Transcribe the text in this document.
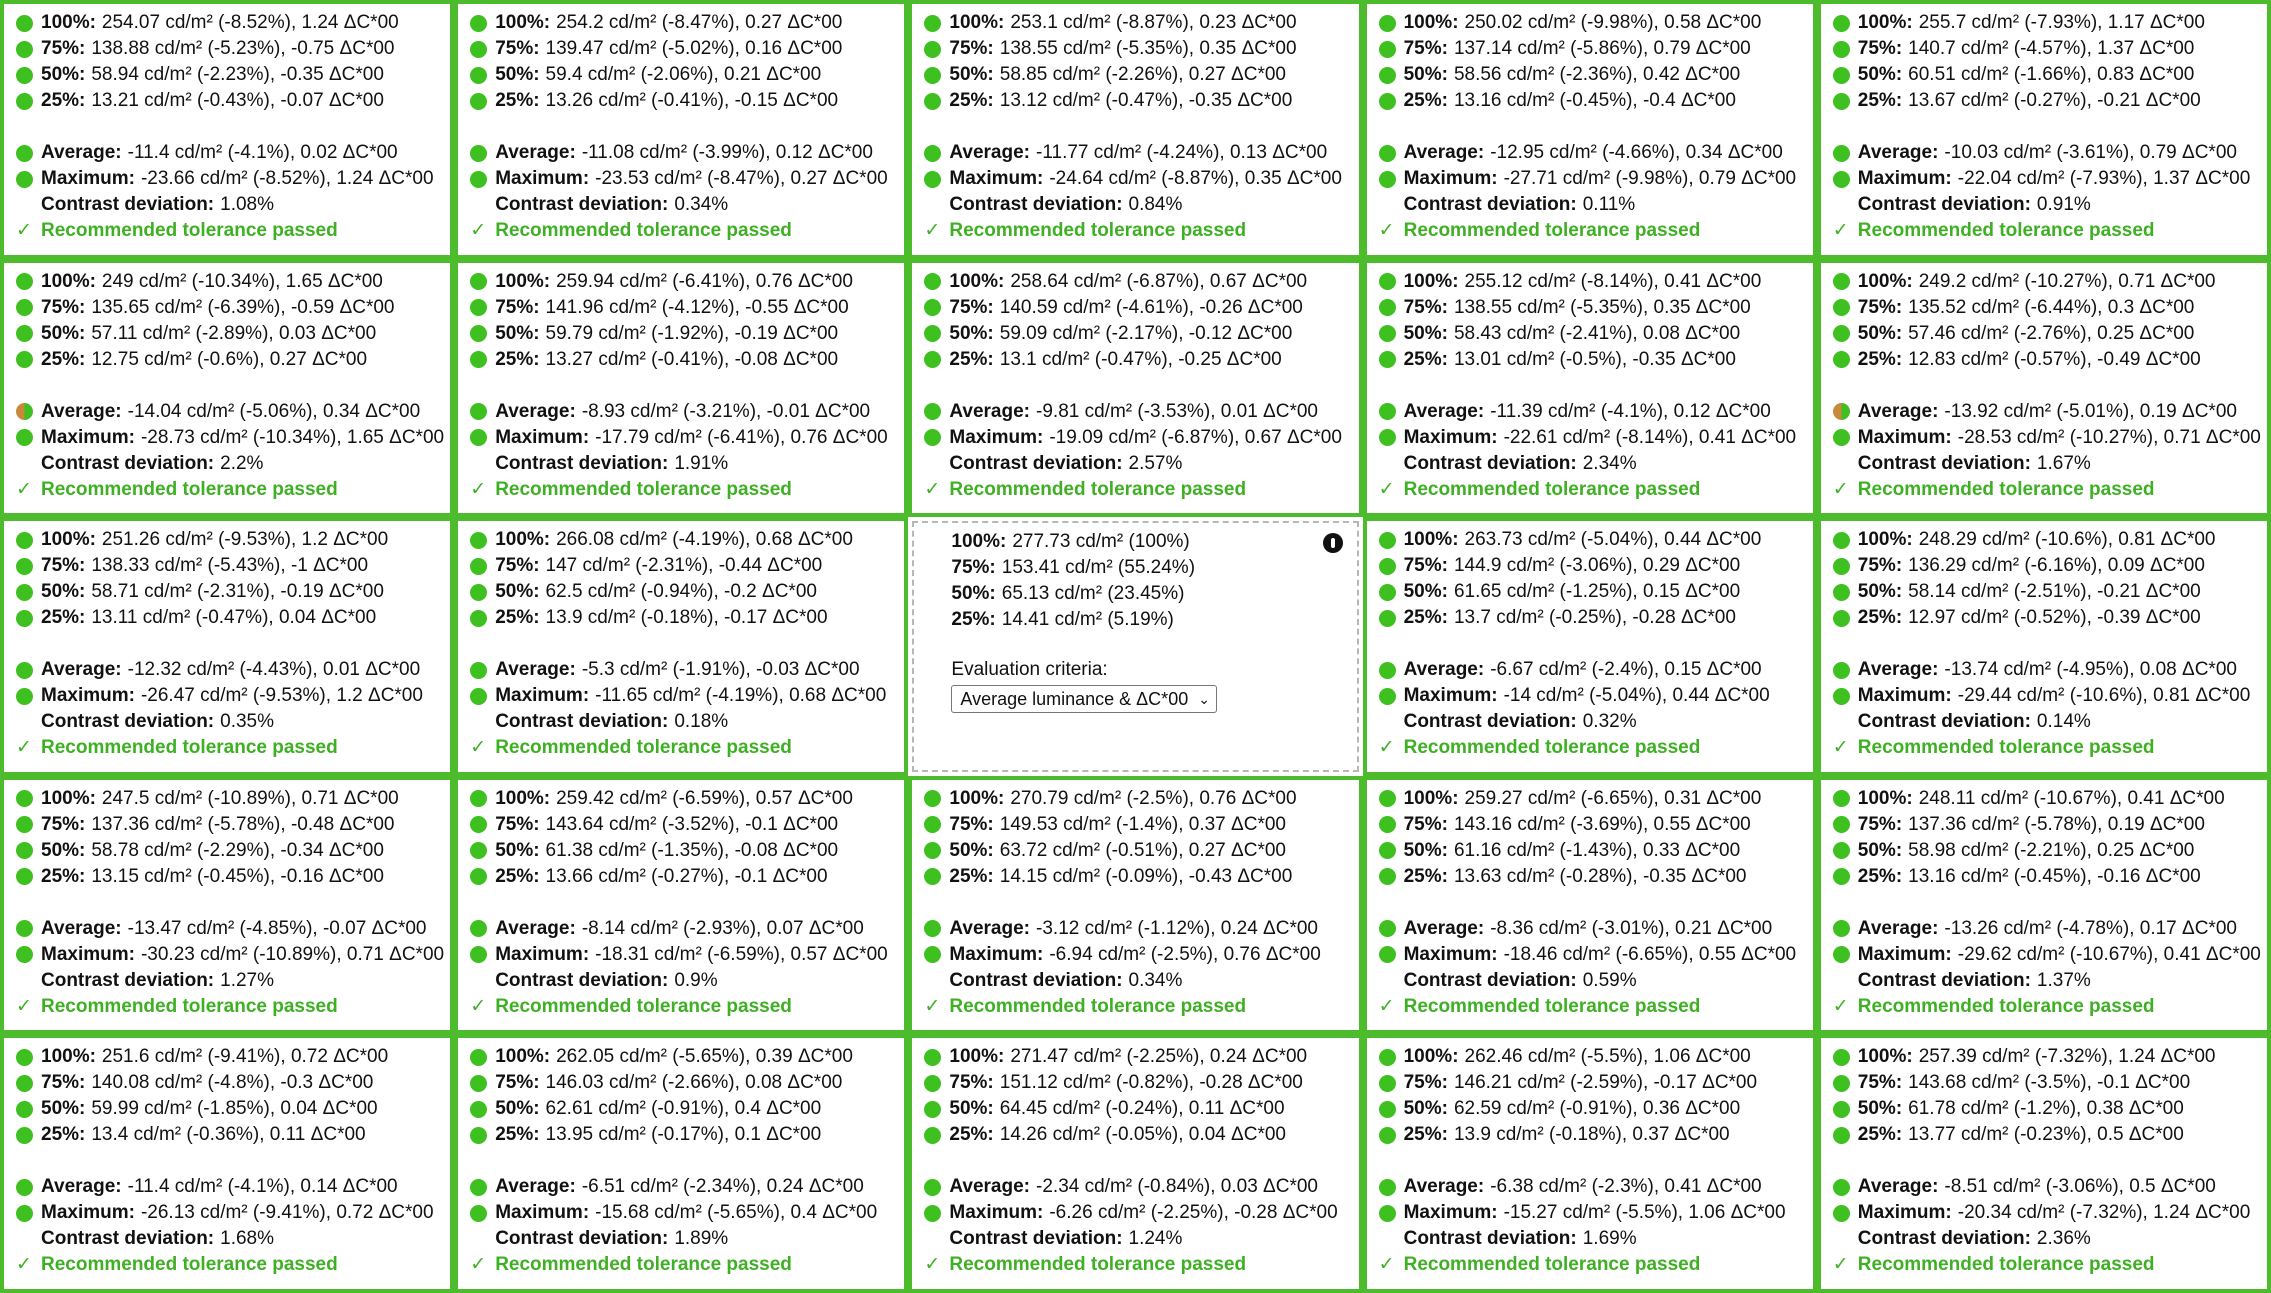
100%: 254.07 cd/m² (-8.52%), 1.24 ΔC*00
75%: 138.88 cd/m² (-5.23%), -0.75 ΔC*00
50%: 58.94 cd/m² (-2.23%), -0.35 ΔC*00
25%: 13.21 cd/m² (-0.43%), -0.07 ΔC*00
Average: -11.4 cd/m² (-4.1%), 0.02 ΔC*00
Maximum: -23.66 cd/m² (-8.52%), 1.24 ΔC*00
Contrast deviation: 1.08%
✓ Recommended tolerance passed
100%: 254.2 cd/m² (-8.47%), 0.27 ΔC*00
75%: 139.47 cd/m² (-5.02%), 0.16 ΔC*00
50%: 59.4 cd/m² (-2.06%), 0.21 ΔC*00
25%: 13.26 cd/m² (-0.41%), -0.15 ΔC*00
Average: -11.08 cd/m² (-3.99%), 0.12 ΔC*00
Maximum: -23.53 cd/m² (-8.47%), 0.27 ΔC*00
Contrast deviation: 0.34%
✓ Recommended tolerance passed
100%: 253.1 cd/m² (-8.87%), 0.23 ΔC*00
75%: 138.55 cd/m² (-5.35%), 0.35 ΔC*00
50%: 58.85 cd/m² (-2.26%), 0.27 ΔC*00
25%: 13.12 cd/m² (-0.47%), -0.35 ΔC*00
Average: -11.77 cd/m² (-4.24%), 0.13 ΔC*00
Maximum: -24.64 cd/m² (-8.87%), 0.35 ΔC*00
Contrast deviation: 0.84%
✓ Recommended tolerance passed
100%: 250.02 cd/m² (-9.98%), 0.58 ΔC*00
75%: 137.14 cd/m² (-5.86%), 0.79 ΔC*00
50%: 58.56 cd/m² (-2.36%), 0.42 ΔC*00
25%: 13.16 cd/m² (-0.45%), -0.4 ΔC*00
Average: -12.95 cd/m² (-4.66%), 0.34 ΔC*00
Maximum: -27.71 cd/m² (-9.98%), 0.79 ΔC*00
Contrast deviation: 0.11%
✓ Recommended tolerance passed
100%: 255.7 cd/m² (-7.93%), 1.17 ΔC*00
75%: 140.7 cd/m² (-4.57%), 1.37 ΔC*00
50%: 60.51 cd/m² (-1.66%), 0.83 ΔC*00
25%: 13.67 cd/m² (-0.27%), -0.21 ΔC*00
Average: -10.03 cd/m² (-3.61%), 0.79 ΔC*00
Maximum: -22.04 cd/m² (-7.93%), 1.37 ΔC*00
Contrast deviation: 0.91%
✓ Recommended tolerance passed
100%: 249 cd/m² (-10.34%), 1.65 ΔC*00
75%: 135.65 cd/m² (-6.39%), -0.59 ΔC*00
50%: 57.11 cd/m² (-2.89%), 0.03 ΔC*00
25%: 12.75 cd/m² (-0.6%), 0.27 ΔC*00
Average: -14.04 cd/m² (-5.06%), 0.34 ΔC*00
Maximum: -28.73 cd/m² (-10.34%), 1.65 ΔC*00
Contrast deviation: 2.2%
✓ Recommended tolerance passed
100%: 259.94 cd/m² (-6.41%), 0.76 ΔC*00
75%: 141.96 cd/m² (-4.12%), -0.55 ΔC*00
50%: 59.79 cd/m² (-1.92%), -0.19 ΔC*00
25%: 13.27 cd/m² (-0.41%), -0.08 ΔC*00
Average: -8.93 cd/m² (-3.21%), -0.01 ΔC*00
Maximum: -17.79 cd/m² (-6.41%), 0.76 ΔC*00
Contrast deviation: 1.91%
✓ Recommended tolerance passed
100%: 258.64 cd/m² (-6.87%), 0.67 ΔC*00
75%: 140.59 cd/m² (-4.61%), -0.26 ΔC*00
50%: 59.09 cd/m² (-2.17%), -0.12 ΔC*00
25%: 13.1 cd/m² (-0.47%), -0.25 ΔC*00
Average: -9.81 cd/m² (-3.53%), 0.01 ΔC*00
Maximum: -19.09 cd/m² (-6.87%), 0.67 ΔC*00
Contrast deviation: 2.57%
✓ Recommended tolerance passed
100%: 255.12 cd/m² (-8.14%), 0.41 ΔC*00
75%: 138.55 cd/m² (-5.35%), 0.35 ΔC*00
50%: 58.43 cd/m² (-2.41%), 0.08 ΔC*00
25%: 13.01 cd/m² (-0.5%), -0.35 ΔC*00
Average: -11.39 cd/m² (-4.1%), 0.12 ΔC*00
Maximum: -22.61 cd/m² (-8.14%), 0.41 ΔC*00
Contrast deviation: 2.34%
✓ Recommended tolerance passed
100%: 249.2 cd/m² (-10.27%), 0.71 ΔC*00
75%: 135.52 cd/m² (-6.44%), 0.3 ΔC*00
50%: 57.46 cd/m² (-2.76%), 0.25 ΔC*00
25%: 12.83 cd/m² (-0.57%), -0.49 ΔC*00
Average: -13.92 cd/m² (-5.01%), 0.19 ΔC*00
Maximum: -28.53 cd/m² (-10.27%), 0.71 ΔC*00
Contrast deviation: 1.67%
✓ Recommended tolerance passed
100%: 251.26 cd/m² (-9.53%), 1.2 ΔC*00
75%: 138.33 cd/m² (-5.43%), -1 ΔC*00
50%: 58.71 cd/m² (-2.31%), -0.19 ΔC*00
25%: 13.11 cd/m² (-0.47%), 0.04 ΔC*00
Average: -12.32 cd/m² (-4.43%), 0.01 ΔC*00
Maximum: -26.47 cd/m² (-9.53%), 1.2 ΔC*00
Contrast deviation: 0.35%
✓ Recommended tolerance passed
100%: 266.08 cd/m² (-4.19%), 0.68 ΔC*00
75%: 147 cd/m² (-2.31%), -0.44 ΔC*00
50%: 62.5 cd/m² (-0.94%), -0.2 ΔC*00
25%: 13.9 cd/m² (-0.18%), -0.17 ΔC*00
Average: -5.3 cd/m² (-1.91%), -0.03 ΔC*00
Maximum: -11.65 cd/m² (-4.19%), 0.68 ΔC*00
Contrast deviation: 0.18%
✓ Recommended tolerance passed
100%: 277.73 cd/m² (100%)
75%: 153.41 cd/m² (55.24%)
50%: 65.13 cd/m² (23.45%)
25%: 14.41 cd/m² (5.19%)
Evaluation criteria:
Average luminance & ΔC*00 ⌄
100%: 263.73 cd/m² (-5.04%), 0.44 ΔC*00
75%: 144.9 cd/m² (-3.06%), 0.29 ΔC*00
50%: 61.65 cd/m² (-1.25%), 0.15 ΔC*00
25%: 13.7 cd/m² (-0.25%), -0.28 ΔC*00
Average: -6.67 cd/m² (-2.4%), 0.15 ΔC*00
Maximum: -14 cd/m² (-5.04%), 0.44 ΔC*00
Contrast deviation: 0.32%
✓ Recommended tolerance passed
100%: 248.29 cd/m² (-10.6%), 0.81 ΔC*00
75%: 136.29 cd/m² (-6.16%), 0.09 ΔC*00
50%: 58.14 cd/m² (-2.51%), -0.21 ΔC*00
25%: 12.97 cd/m² (-0.52%), -0.39 ΔC*00
Average: -13.74 cd/m² (-4.95%), 0.08 ΔC*00
Maximum: -29.44 cd/m² (-10.6%), 0.81 ΔC*00
Contrast deviation: 0.14%
✓ Recommended tolerance passed
100%: 247.5 cd/m² (-10.89%), 0.71 ΔC*00
75%: 137.36 cd/m² (-5.78%), -0.48 ΔC*00
50%: 58.78 cd/m² (-2.29%), -0.34 ΔC*00
25%: 13.15 cd/m² (-0.45%), -0.16 ΔC*00
Average: -13.47 cd/m² (-4.85%), -0.07 ΔC*00
Maximum: -30.23 cd/m² (-10.89%), 0.71 ΔC*00
Contrast deviation: 1.27%
✓ Recommended tolerance passed
100%: 259.42 cd/m² (-6.59%), 0.57 ΔC*00
75%: 143.64 cd/m² (-3.52%), -0.1 ΔC*00
50%: 61.38 cd/m² (-1.35%), -0.08 ΔC*00
25%: 13.66 cd/m² (-0.27%), -0.1 ΔC*00
Average: -8.14 cd/m² (-2.93%), 0.07 ΔC*00
Maximum: -18.31 cd/m² (-6.59%), 0.57 ΔC*00
Contrast deviation: 0.9%
✓ Recommended tolerance passed
100%: 270.79 cd/m² (-2.5%), 0.76 ΔC*00
75%: 149.53 cd/m² (-1.4%), 0.37 ΔC*00
50%: 63.72 cd/m² (-0.51%), 0.27 ΔC*00
25%: 14.15 cd/m² (-0.09%), -0.43 ΔC*00
Average: -3.12 cd/m² (-1.12%), 0.24 ΔC*00
Maximum: -6.94 cd/m² (-2.5%), 0.76 ΔC*00
Contrast deviation: 0.34%
✓ Recommended tolerance passed
100%: 259.27 cd/m² (-6.65%), 0.31 ΔC*00
75%: 143.16 cd/m² (-3.69%), 0.55 ΔC*00
50%: 61.16 cd/m² (-1.43%), 0.33 ΔC*00
25%: 13.63 cd/m² (-0.28%), -0.35 ΔC*00
Average: -8.36 cd/m² (-3.01%), 0.21 ΔC*00
Maximum: -18.46 cd/m² (-6.65%), 0.55 ΔC*00
Contrast deviation: 0.59%
✓ Recommended tolerance passed
100%: 248.11 cd/m² (-10.67%), 0.41 ΔC*00
75%: 137.36 cd/m² (-5.78%), 0.19 ΔC*00
50%: 58.98 cd/m² (-2.21%), 0.25 ΔC*00
25%: 13.16 cd/m² (-0.45%), -0.16 ΔC*00
Average: -13.26 cd/m² (-4.78%), 0.17 ΔC*00
Maximum: -29.62 cd/m² (-10.67%), 0.41 ΔC*00
Contrast deviation: 1.37%
✓ Recommended tolerance passed
100%: 251.6 cd/m² (-9.41%), 0.72 ΔC*00
75%: 140.08 cd/m² (-4.8%), -0.3 ΔC*00
50%: 59.99 cd/m² (-1.85%), 0.04 ΔC*00
25%: 13.4 cd/m² (-0.36%), 0.11 ΔC*00
Average: -11.4 cd/m² (-4.1%), 0.14 ΔC*00
Maximum: -26.13 cd/m² (-9.41%), 0.72 ΔC*00
Contrast deviation: 1.68%
✓ Recommended tolerance passed
100%: 262.05 cd/m² (-5.65%), 0.39 ΔC*00
75%: 146.03 cd/m² (-2.66%), 0.08 ΔC*00
50%: 62.61 cd/m² (-0.91%), 0.4 ΔC*00
25%: 13.95 cd/m² (-0.17%), 0.1 ΔC*00
Average: -6.51 cd/m² (-2.34%), 0.24 ΔC*00
Maximum: -15.68 cd/m² (-5.65%), 0.4 ΔC*00
Contrast deviation: 1.89%
✓ Recommended tolerance passed
100%: 271.47 cd/m² (-2.25%), 0.24 ΔC*00
75%: 151.12 cd/m² (-0.82%), -0.28 ΔC*00
50%: 64.45 cd/m² (-0.24%), 0.11 ΔC*00
25%: 14.26 cd/m² (-0.05%), 0.04 ΔC*00
Average: -2.34 cd/m² (-0.84%), 0.03 ΔC*00
Maximum: -6.26 cd/m² (-2.25%), -0.28 ΔC*00
Contrast deviation: 1.24%
✓ Recommended tolerance passed
100%: 262.46 cd/m² (-5.5%), 1.06 ΔC*00
75%: 146.21 cd/m² (-2.59%), -0.17 ΔC*00
50%: 62.59 cd/m² (-0.91%), 0.36 ΔC*00
25%: 13.9 cd/m² (-0.18%), 0.37 ΔC*00
Average: -6.38 cd/m² (-2.3%), 0.41 ΔC*00
Maximum: -15.27 cd/m² (-5.5%), 1.06 ΔC*00
Contrast deviation: 1.69%
✓ Recommended tolerance passed
100%: 257.39 cd/m² (-7.32%), 1.24 ΔC*00
75%: 143.68 cd/m² (-3.5%), -0.1 ΔC*00
50%: 61.78 cd/m² (-1.2%), 0.38 ΔC*00
25%: 13.77 cd/m² (-0.23%), 0.5 ΔC*00
Average: -8.51 cd/m² (-3.06%), 0.5 ΔC*00
Maximum: -20.34 cd/m² (-7.32%), 1.24 ΔC*00
Contrast deviation: 2.36%
✓ Recommended tolerance passed
